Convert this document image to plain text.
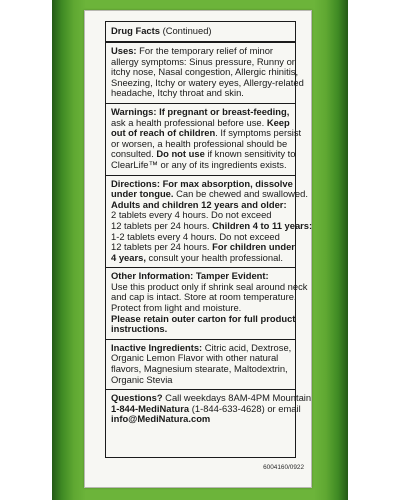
Drug Facts (Continued)
Uses: For the temporary relief of minor
allergy symptoms: Sinus pressure, Runny or
itchy nose, Nasal congestion, Allergic rhinitis,
Sneezing, Itchy or watery eyes, Allergy-related
headache, Itchy throat and skin.
Warnings: If pregnant or breast-feeding,
ask a health professional before use. Keep
out of reach of children. If symptoms persist
or worsen, a health professional should be
consulted. Do not use if known sensitivity to
ClearLife™ or any of its ingredients exists.
Directions: For max absorption, dissolve
under tongue. Can be chewed and swallowed.
Adults and children 12 years and older:
2 tablets every 4 hours. Do not exceed
12 tablets per 24 hours. Children 4 to 11 years:
1-2 tablets every 4 hours. Do not exceed
12 tablets per 24 hours. For children under
4 years, consult your health professional.
Other Information: Tamper Evident:
Use this product only if shrink seal around neck
and cap is intact. Store at room temperature.
Protect from light and moisture.
Please retain outer carton for full product
instructions.
Inactive Ingredients: Citric acid, Dextrose,
Organic Lemon Flavor with other natural
flavors, Magnesium stearate, Maltodextrin,
Organic Stevia
Questions? Call weekdays 8AM-4PM Mountain
1-844-MediNatura (1-844-633-4628) or email
info@MediNatura.com
6004160/0922
